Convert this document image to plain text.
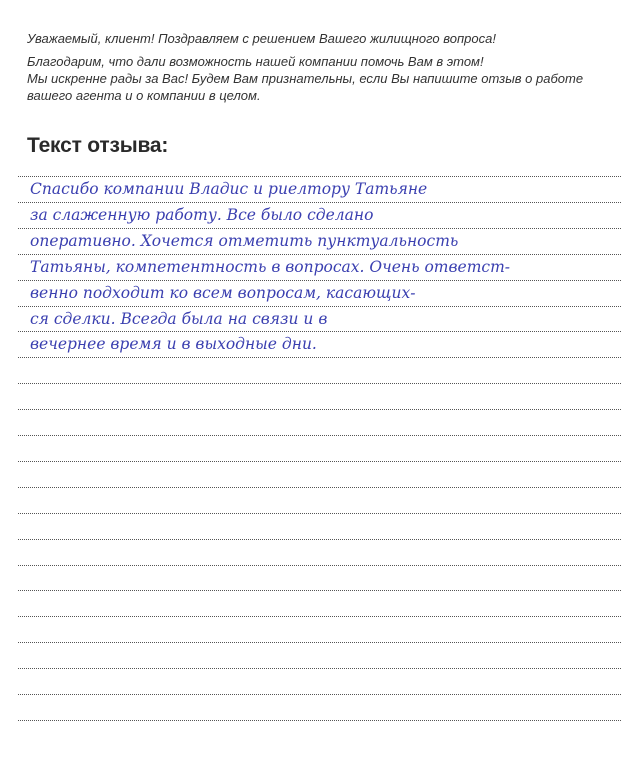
Уважаемый, клиент! Поздравляем с решением Вашего жилищного вопроса!

Благодарим, что дали возможность нашей компании помочь Вам в этом!

Мы искренне рады за Вас! Будем Вам признательны, если Вы напишите отзыв о работе

вашего агента и о компании в целом.

Текст отзыва:
Спасибо компании Владис и риелтору Татьяне
за слаженную работу. Все было сделано
оперативно. Хочется отметить пунктуальность
Татьяны, компетентность в вопросах. Очень ответст-
венно подходит ко всем вопросам, касающих-
ся сделки. Всегда была на связи и в
вечернее время и в выходные дни.
